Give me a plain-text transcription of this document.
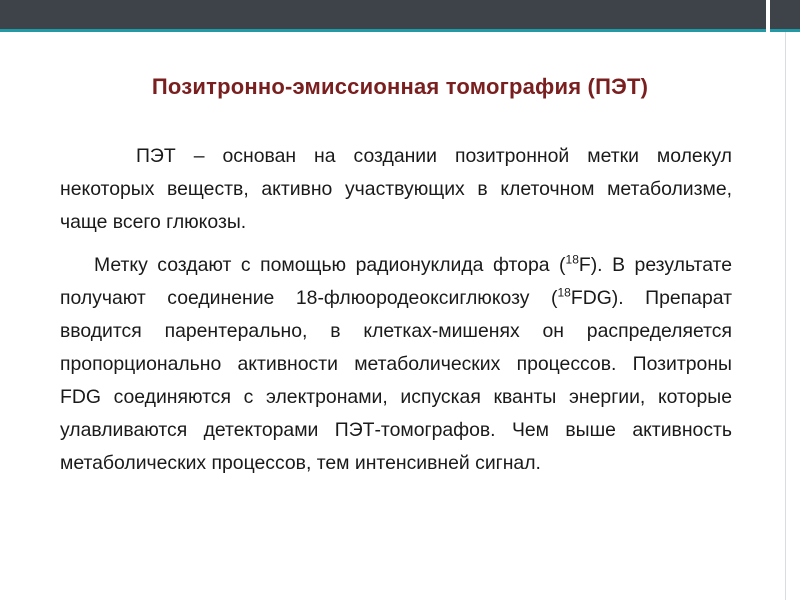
Позитронно-эмиссионная томография (ПЭТ)

ПЭТ – основан на создании позитронной метки молекул некоторых веществ, активно участвующих в клеточном метаболизме, чаще всего глюкозы.

Метку создают с помощью радионуклида фтора ($^{18}$F). В результате получают соединение 18-флюородеоксиглюкозу ($^{18}$FDG). Препарат вводится парентерально, в клетках-мишенях он распределяется пропорционально активности метаболических процессов. Позитроны FDG соединяются с электронами, испуская кванты энергии, которые улавливаются детекторами ПЭТ-томографов. Чем выше активность метаболических процессов, тем интенсивней сигнал.
